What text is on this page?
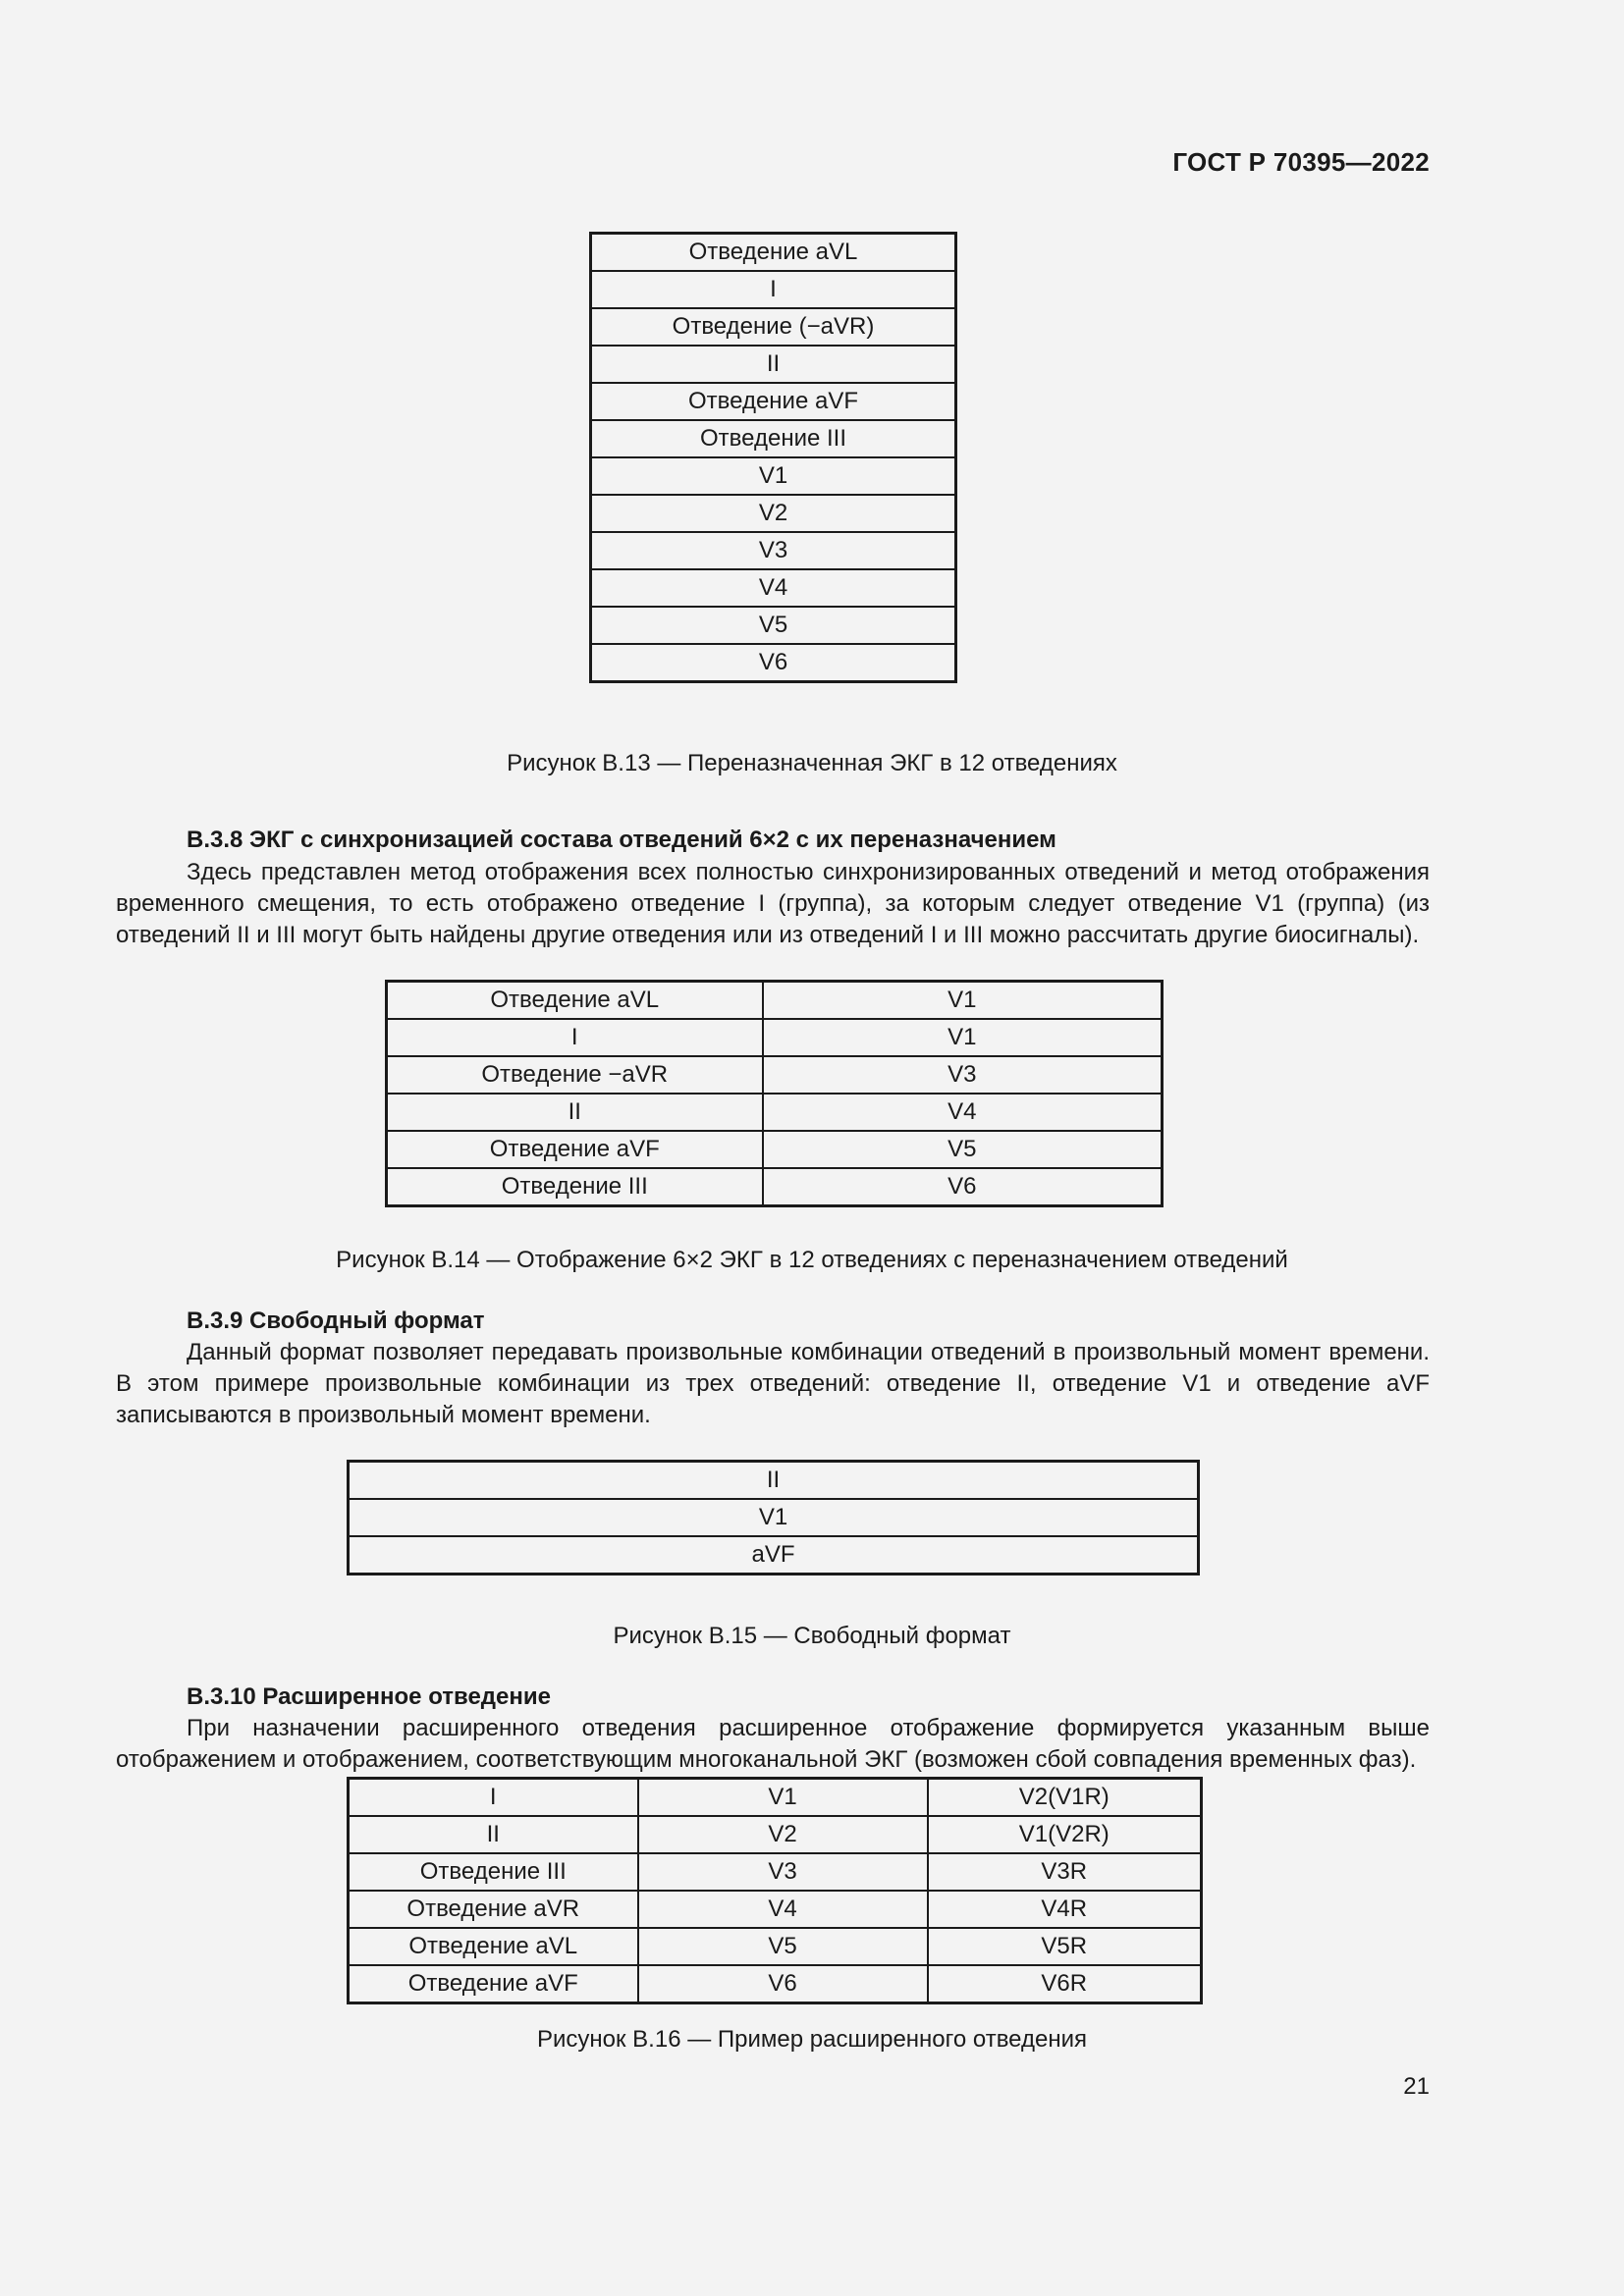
ГОСТ Р 70395—2022
Отведение aVL
I
Отведение (−aVR)
II
Отведение aVF
Отведение III
V1
V2
V3
V4
V5
V6
Рисунок В.13 — Переназначенная ЭКГ в 12 отведениях
В.3.8 ЭКГ с синхронизацией состава отведений 6×2 с их переназначением
Здесь представлен метод отображения всех полностью синхронизированных отведений и метод отображения временного смещения, то есть отображено отведение I (группа), за которым следует отведение V1 (группа) (из отведений II и III могут быть найдены другие отведения или из отведений I и III можно рассчитать другие биосигналы).
Отведение aVL	V1
I	V1
Отведение −aVR	V3
II	V4
Отведение aVF	V5
Отведение III	V6
Рисунок В.14 — Отображение 6×2 ЭКГ в 12 отведениях с переназначением отведений
В.3.9 Свободный формат
Данный формат позволяет передавать произвольные комбинации отведений в произвольный момент времени. В этом примере произвольные комбинации из трех отведений: отведение II, отведение V1 и отведение aVF записываются в произвольный момент времени.
II
V1
aVF
Рисунок В.15 — Свободный формат
В.3.10 Расширенное отведение
При назначении расширенного отведения расширенное отображение формируется указанным выше отображением и отображением, соответствующим многоканальной ЭКГ (возможен сбой совпадения временных фаз).
I	V1	V2(V1R)
II	V2	V1(V2R)
Отведение III	V3	V3R
Отведение aVR	V4	V4R
Отведение aVL	V5	V5R
Отведение aVF	V6	V6R
Рисунок В.16 — Пример расширенного отведения
21
